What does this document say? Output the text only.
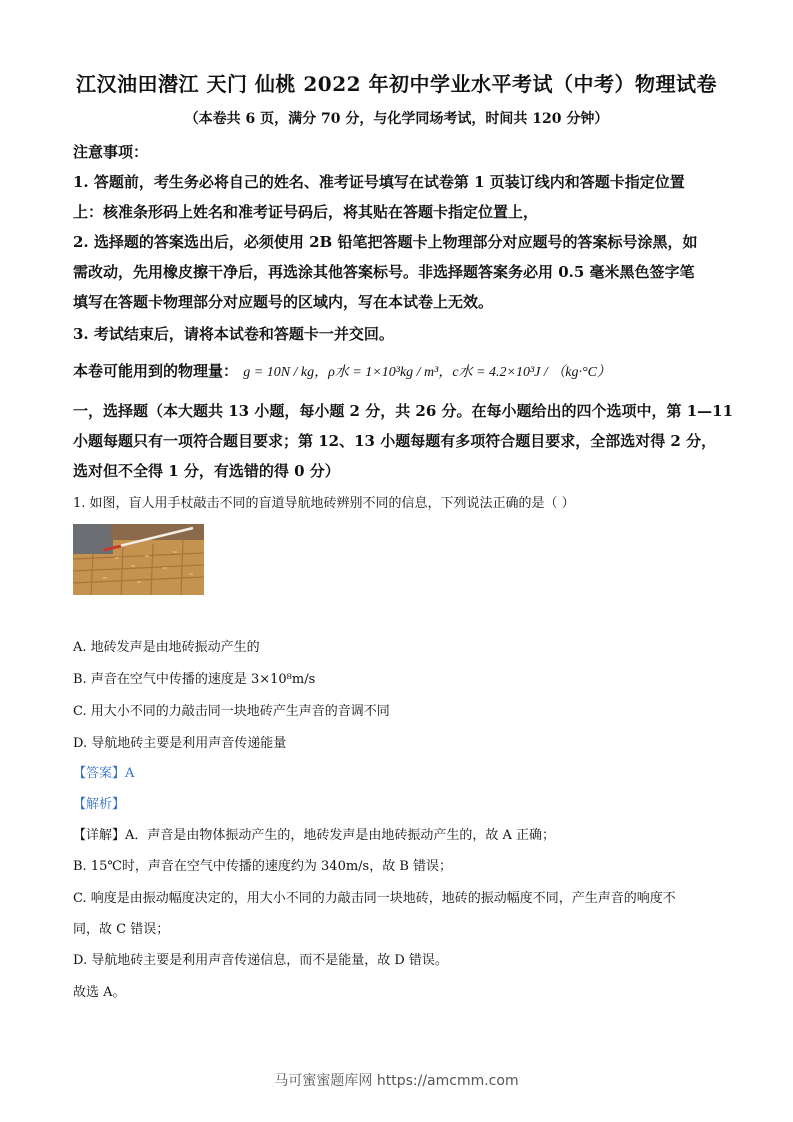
江汉油田潜江 天门 仙桃 2022 年初中学业水平考试（中考）物理试卷
（本卷共 6 页，满分 70 分，与化学同场考试，时间共 120 分钟）
注意事项：
1. 答题前，考生务必将自己的姓名、准考证号填写在试卷第 1 页装订线内和答题卡指定位置
上：核准条形码上姓名和准考证号码后，将其贴在答题卡指定位置上，
2. 选择题的答案选出后，必须使用 2B 铅笔把答题卡上物理部分对应题号的答案标号涂黑，如
需改动，先用橡皮擦干净后，再选涂其他答案标号。非选择题答案务必用 0.5 毫米黑色签字笔
填写在答题卡物理部分对应题号的区域内，写在本试卷上无效。
3. 考试结束后，请将本试卷和答题卡一并交回。
本卷可能用到的物理量： g = 10N / kg，ρ水 = 1×10³kg / m³，c水 = 4.2×10³J / （kg·°C）
一，选择题（本大题共 13 小题，每小题 2 分，共 26 分。在每小题给出的四个选项中，第 1—11
小题每题只有一项符合题目要求；第 12、13 小题每题有多项符合题目要求，全部选对得 2 分，
选对但不全得 1 分，有选错的得 0 分）
1. 如图，盲人用手杖敲击不同的盲道导航地砖辨别不同的信息，下列说法正确的是（ ）
A. 地砖发声是由地砖振动产生的
B. 声音在空气中传播的速度是 3×10⁸m/s
C. 用大小不同的力敲击同一块地砖产生声音的音调不同
D. 导航地砖主要是利用声音传递能量
【答案】A
【解析】
【详解】A．声音是由物体振动产生的，地砖发声是由地砖振动产生的，故 A 正确；
B. 15℃时，声音在空气中传播的速度约为 340m/s，故 B 错误；
C. 响度是由振动幅度决定的，用大小不同的力敲击同一块地砖，地砖的振动幅度不同，产生声音的响度不
同，故 C 错误；
D. 导航地砖主要是利用声音传递信息，而不是能量，故 D 错误。
故选 A。
马可蜜蜜题库网 https://amcmm.com
